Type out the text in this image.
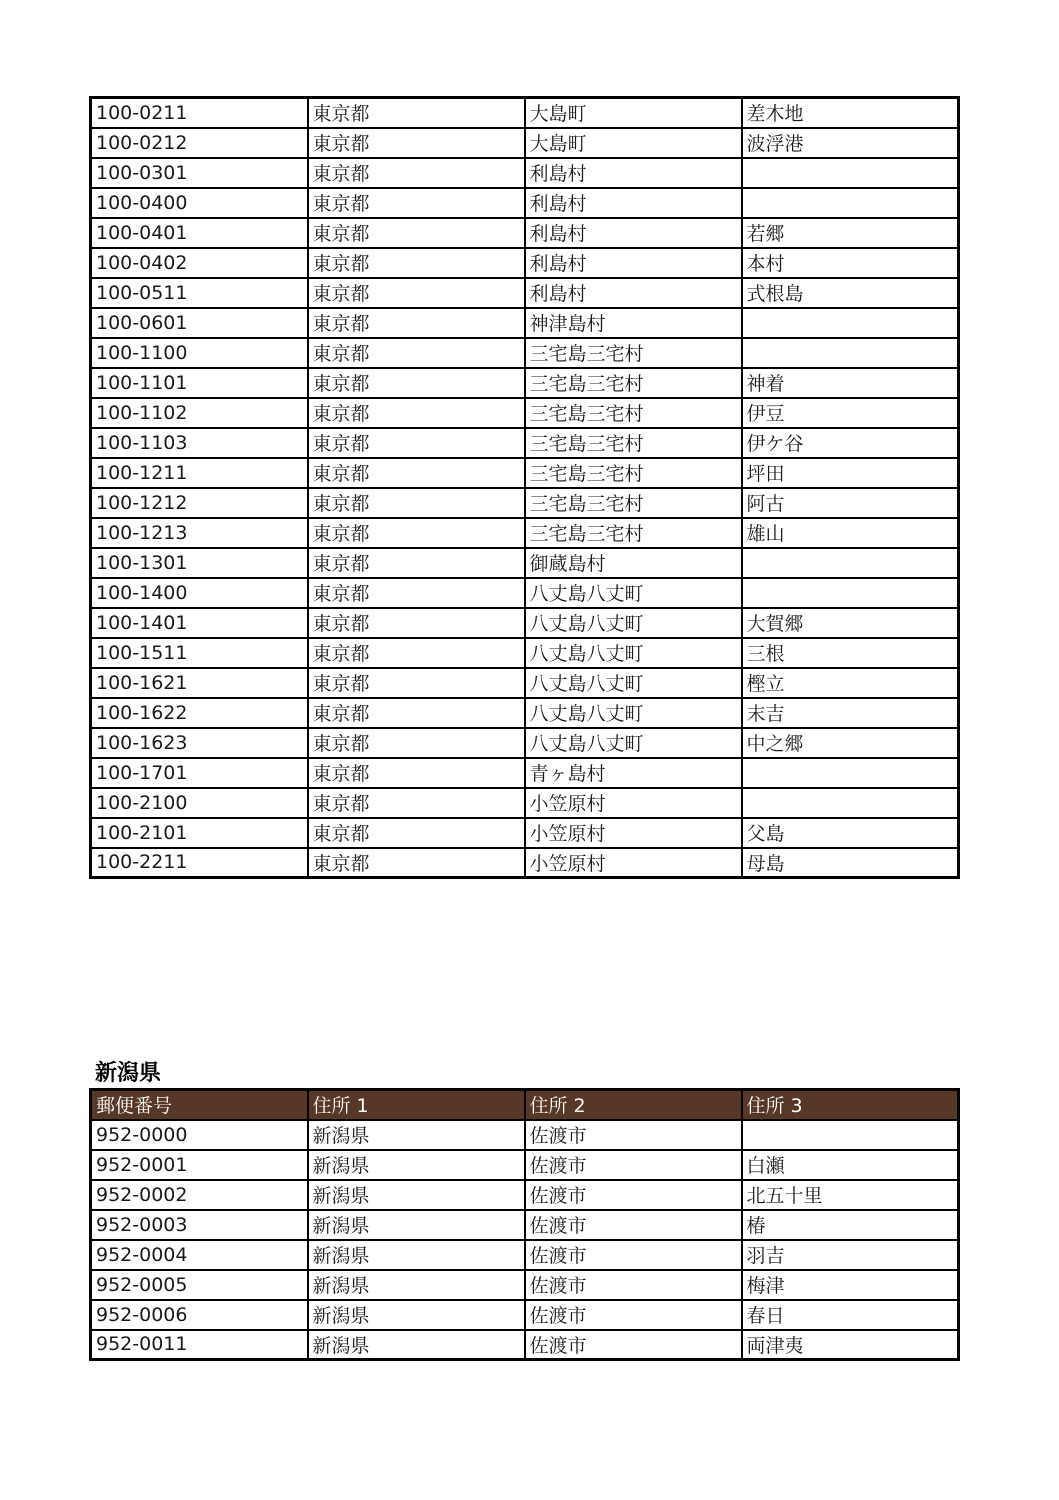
100-0211	東京都	大島町	差木地
100-0212	東京都	大島町	波浮港
100-0301	東京都	利島村	
100-0400	東京都	利島村	
100-0401	東京都	利島村	若郷
100-0402	東京都	利島村	本村
100-0511	東京都	利島村	式根島
100-0601	東京都	神津島村	
100-1100	東京都	三宅島三宅村	
100-1101	東京都	三宅島三宅村	神着
100-1102	東京都	三宅島三宅村	伊豆
100-1103	東京都	三宅島三宅村	伊ケ谷
100-1211	東京都	三宅島三宅村	坪田
100-1212	東京都	三宅島三宅村	阿古
100-1213	東京都	三宅島三宅村	雄山
100-1301	東京都	御蔵島村	
100-1400	東京都	八丈島八丈町	
100-1401	東京都	八丈島八丈町	大賀郷
100-1511	東京都	八丈島八丈町	三根
100-1621	東京都	八丈島八丈町	樫立
100-1622	東京都	八丈島八丈町	末吉
100-1623	東京都	八丈島八丈町	中之郷
100-1701	東京都	青ヶ島村	
100-2100	東京都	小笠原村	
100-2101	東京都	小笠原村	父島
100-2211	東京都	小笠原村	母島
新潟県
郵便番号	住所 1	住所 2	住所 3
952-0000	新潟県	佐渡市	
952-0001	新潟県	佐渡市	白瀬
952-0002	新潟県	佐渡市	北五十里
952-0003	新潟県	佐渡市	椿
952-0004	新潟県	佐渡市	羽吉
952-0005	新潟県	佐渡市	梅津
952-0006	新潟県	佐渡市	春日
952-0011	新潟県	佐渡市	両津夷
